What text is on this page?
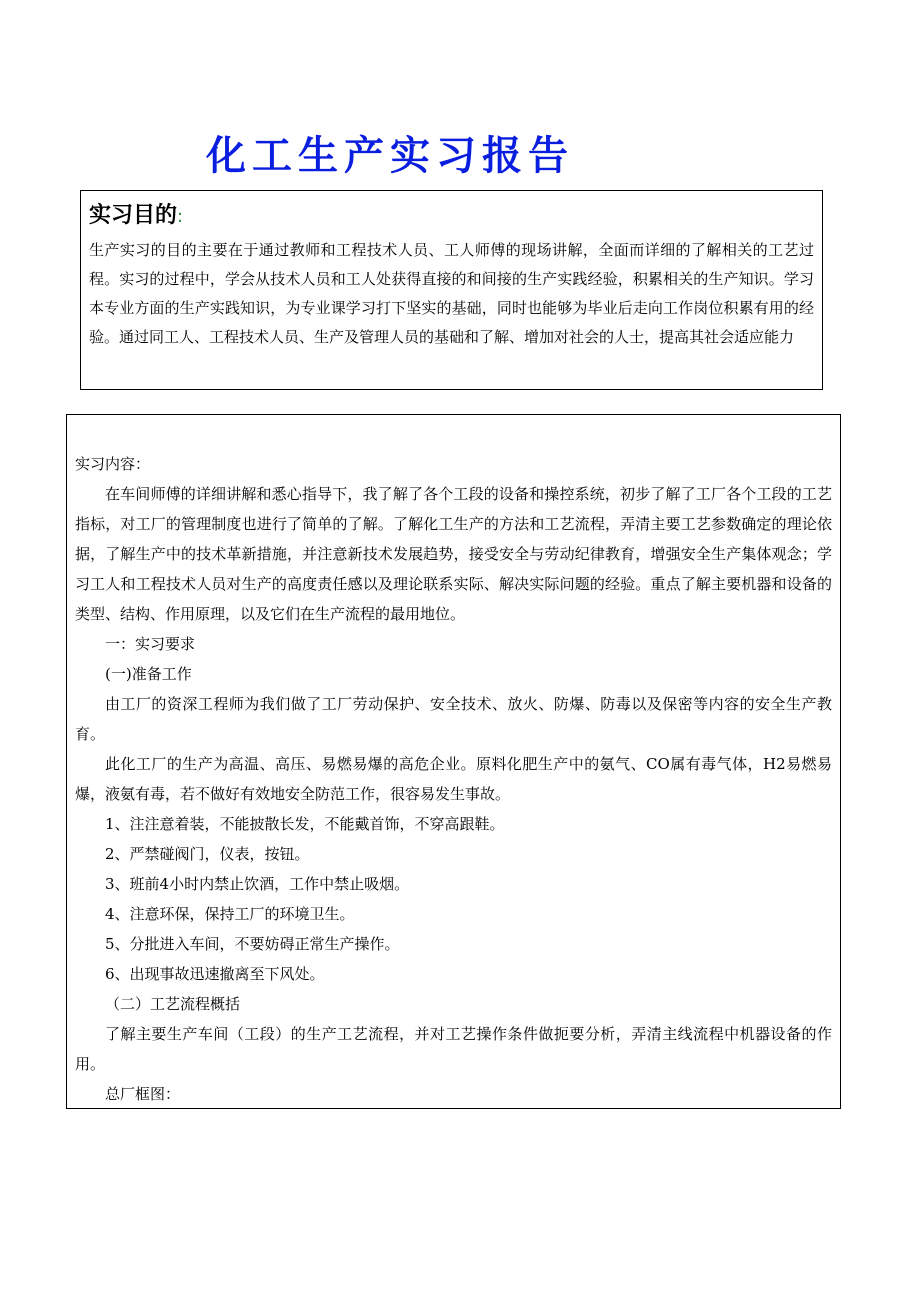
化工生产实习报告
实习目的:

生产实习的目的主要在于通过教师和工程技术人员、工人师傅的现场讲解，全面而详细的了解相关的工艺过程。实习的过程中，学会从技术人员和工人处获得直接的和间接的生产实践经验，积累相关的生产知识。学习本专业方面的生产实践知识，为专业课学习打下坚实的基础，同时也能够为毕业后走向工作岗位积累有用的经验。通过同工人、工程技术人员、生产及管理人员的基础和了解、增加对社会的人士，提高其社会适应能力

实习内容：

在车间师傅的详细讲解和悉心指导下，我了解了各个工段的设备和操控系统，初步了解了工厂各个工段的工艺指标，对工厂的管理制度也进行了简单的了解。了解化工生产的方法和工艺流程，弄清主要工艺参数确定的理论依据，了解生产中的技术革新措施，并注意新技术发展趋势，接受安全与劳动纪律教育，增强安全生产集体观念；学习工人和工程技术人员对生产的高度责任感以及理论联系实际、解决实际问题的经验。重点了解主要机器和设备的类型、结构、作用原理，以及它们在生产流程的最用地位。

一：实习要求

(一)准备工作

由工厂的资深工程师为我们做了工厂劳动保护、安全技术、放火、防爆、防毒以及保密等内容的安全生产教育。

此化工厂的生产为高温、高压、易燃易爆的高危企业。原料化肥生产中的氨气、CO属有毒气体，H2易燃易爆，液氨有毒，若不做好有效地安全防范工作，很容易发生事故。

1、注注意着装，不能披散长发，不能戴首饰，不穿高跟鞋。

2、严禁碰阀门，仪表，按钮。

3、班前4小时内禁止饮酒，工作中禁止吸烟。

4、注意环保，保持工厂的环境卫生。

5、分批进入车间，不要妨碍正常生产操作。

6、出现事故迅速撤离至下风处。

（二）工艺流程概括

了解主要生产车间（工段）的生产工艺流程，并对工艺操作条件做扼要分析，弄清主线流程中机器设备的作用。

总厂框图：
